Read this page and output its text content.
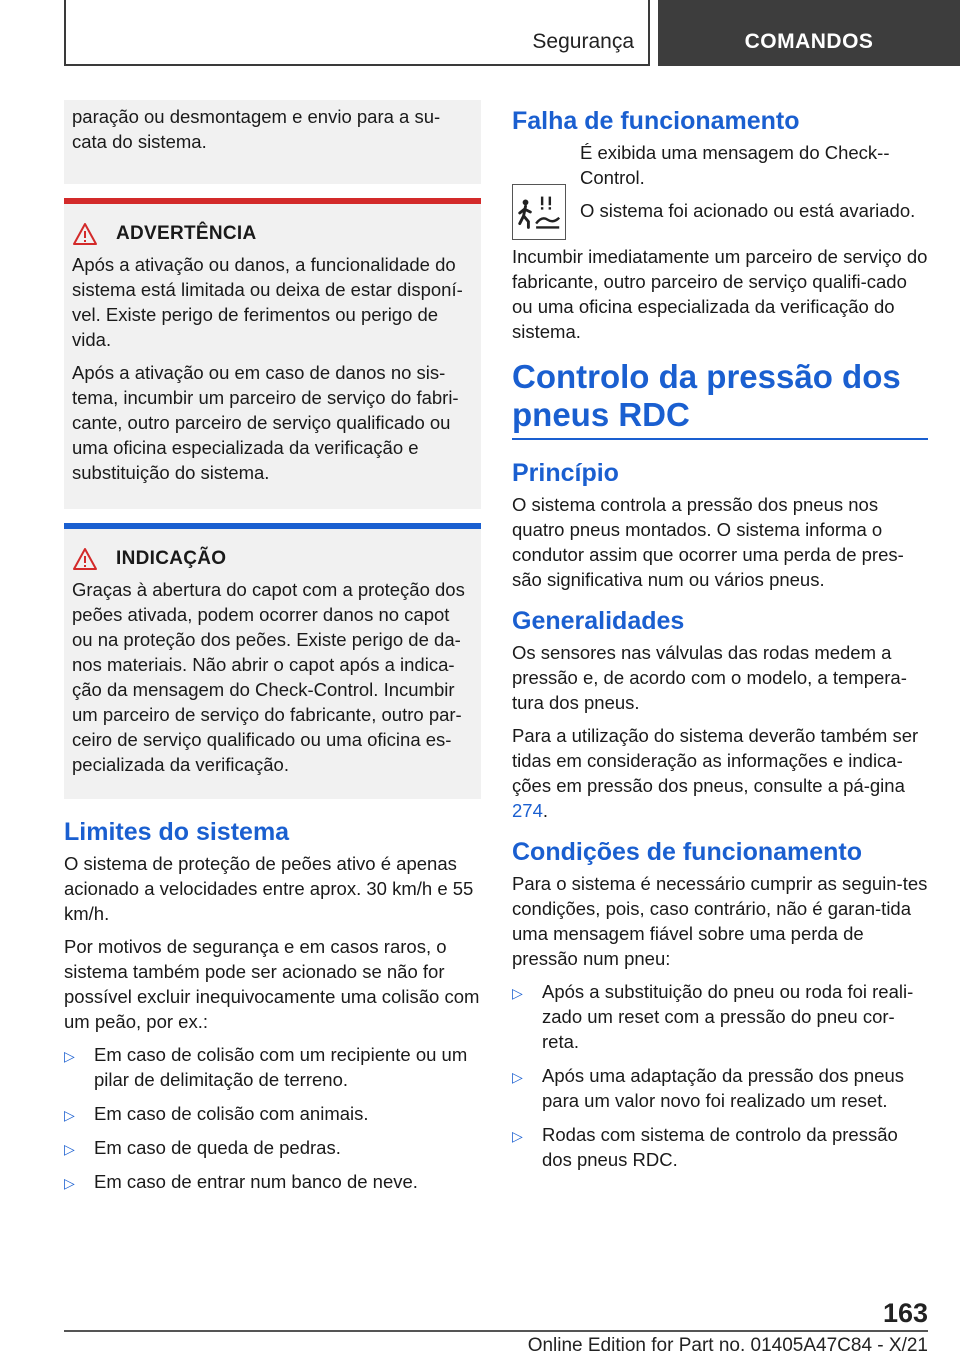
Segurança	COMANDOS

paração ou desmontagem e envio para a su-cata do sistema.

ADVERTÊNCIA

Após a ativação ou danos, a funcionalidade do sistema está limitada ou deixa de estar disponí-vel. Existe perigo de ferimentos ou perigo de vida.

Após a ativação ou em caso de danos no sis-tema, incumbir um parceiro de serviço do fabri-cante, outro parceiro de serviço qualificado ou uma oficina especializada da verificação e substituição do sistema.

INDICAÇÃO

Graças à abertura do capot com a proteção dos peões ativada, podem ocorrer danos no capot ou na proteção dos peões. Existe perigo de da-nos materiais. Não abrir o capot após a indica-ção da mensagem do Check-Control. Incumbir um parceiro de serviço do fabricante, outro par-ceiro de serviço qualificado ou uma oficina es-pecializada da verificação.

Limites do sistema

O sistema de proteção de peões ativo é apenas acionado a velocidades entre aprox. 30 km/h e 55 km/h.

Por motivos de segurança e em casos raros, o sistema também pode ser acionado se não for possível excluir inequivocamente uma colisão com um peão, por ex.:

▷ Em caso de colisão com um recipiente ou um pilar de delimitação de terreno.
▷ Em caso de colisão com animais.
▷ Em caso de queda de pedras.
▷ Em caso de entrar num banco de neve.
Falha de funcionamento

É exibida uma mensagem do Check--Control.

O sistema foi acionado ou está avariado.

Incumbir imediatamente um parceiro de serviço do fabricante, outro parceiro de serviço qualifi-cado ou uma oficina especializada da verificação do sistema.

Controlo da pressão dos pneus RDC
Princípio

O sistema controla a pressão dos pneus nos quatro pneus montados. O sistema informa o condutor assim que ocorrer uma perda de pres-são significativa num ou vários pneus.

Generalidades

Os sensores nas válvulas das rodas medem a pressão e, de acordo com o modelo, a tempera-tura dos pneus.

Para a utilização do sistema deverão também ser tidas em consideração as informações e indica-ções em pressão dos pneus, consulte a pá-gina 274.

Condições de funcionamento

Para o sistema é necessário cumprir as seguin-tes condições, pois, caso contrário, não é garan-tida uma mensagem fiável sobre uma perda de pressão num pneu:

▷ Após a substituição do pneu ou roda foi reali-zado um reset com a pressão do pneu cor-reta.
▷ Após uma adaptação da pressão dos pneus para um valor novo foi realizado um reset.
▷ Rodas com sistema de controlo da pressão dos pneus RDC.
163
Online Edition for Part no. 01405A47C84 - X/21
